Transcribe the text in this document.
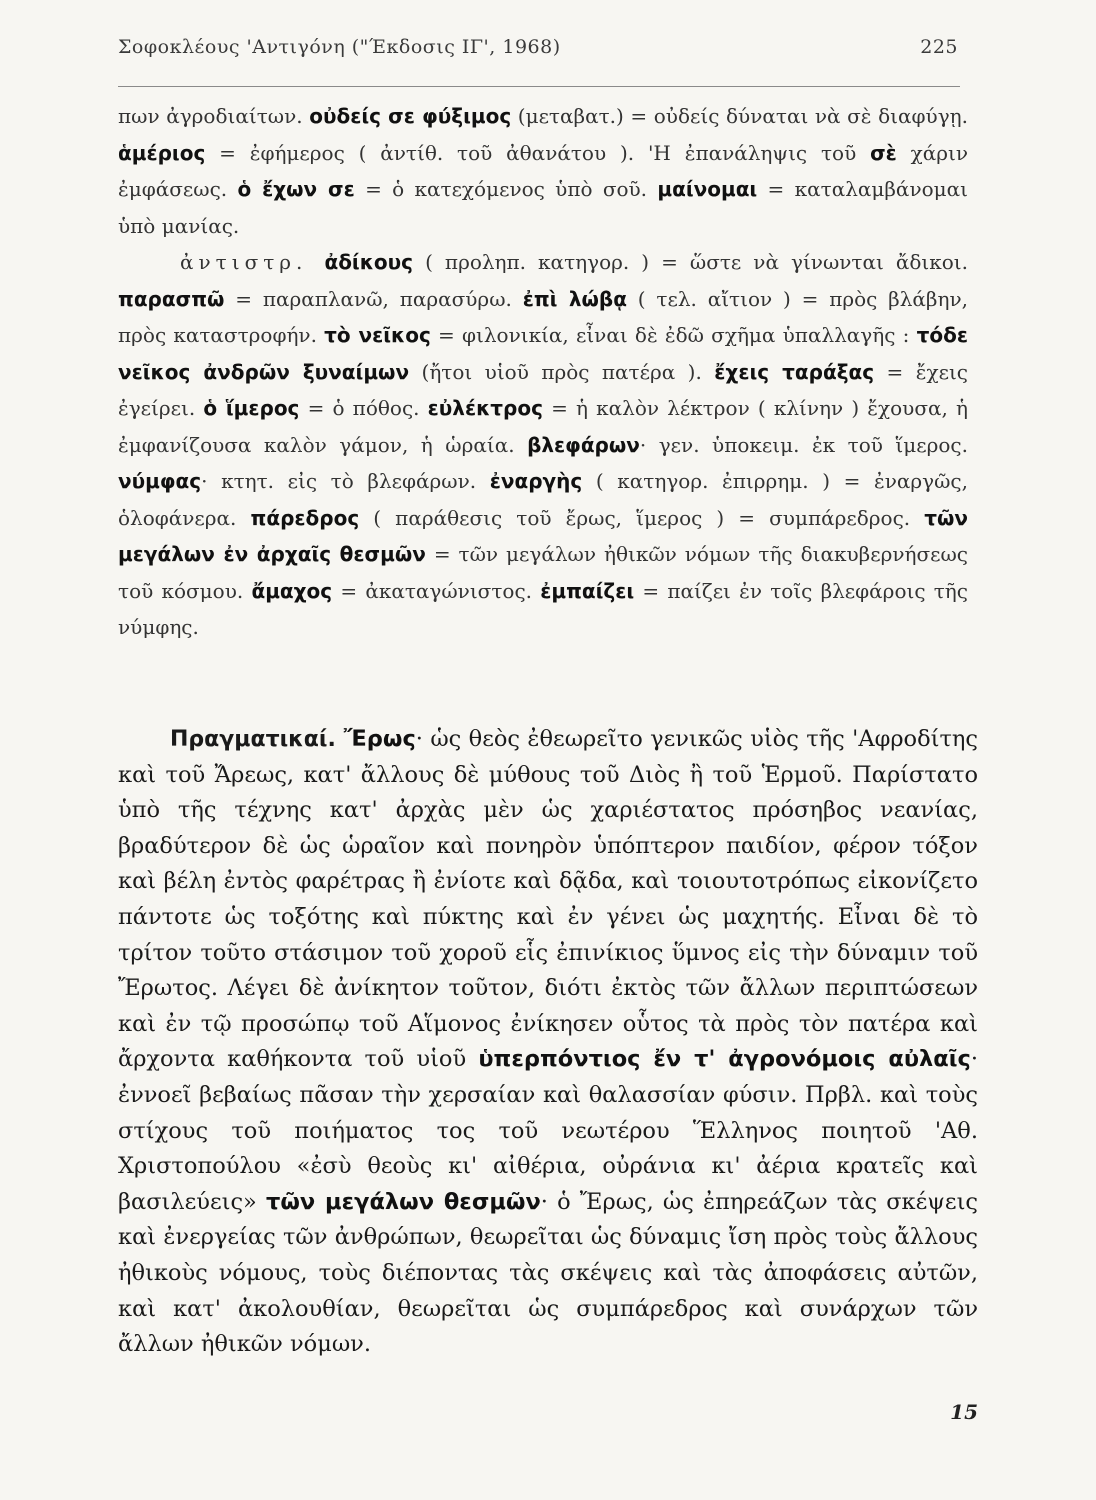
Σοφοκλέους 'Αντιγόνη ("Έκδοσις ΙΓ', 1968)	225

πων ἀγροδιαίτων. οὐδείς σε φύξιμος (μεταβατ.) = οὐδείς δύναται νὰ σὲ διαφύγῃ. ἁμέριος = ἐφήμερος ( ἀντίθ. τοῦ ἀθανάτου ). 'Η ἐπανάληψις τοῦ σὲ χάριν ἐμφάσεως. ὁ ἔχων σε = ὁ κατεχόμενος ὑπὸ σοῦ. μαίνομαι = καταλαμβάνομαι ὑπὸ μανίας.

ἀντιστρ. ἀδίκους ( προληπ. κατηγορ. ) = ὥστε νὰ γίνωνται ἄδικοι. παρασπῶ = παραπλανῶ, παρασύρω. ἐπὶ λώβᾳ ( τελ. αἴτιον ) = πρὸς βλάβην, πρὸς καταστροφήν. τὸ νεῖκος = φιλονικία, εἶναι δὲ ἐδῶ σχῆμα ὑπαλλαγῆς : τόδε νεῖκος ἀνδρῶν ξυναίμων (ἤτοι υἱοῦ πρὸς πατέρα ). ἔχεις ταράξας = ἔχεις ἐγείρει. ὁ ἵμερος = ὁ πόθος. εὐλέκτρος = ἡ καλὸν λέκτρον ( κλίνην ) ἔχουσα, ἡ ἐμφανίζουσα καλὸν γάμον, ἡ ὡραία. βλεφάρων· γεν. ὑποκειμ. ἐκ τοῦ ἵμερος. νύμφας· κτητ. εἰς τὸ βλεφάρων. ἐναργὴς ( κατηγορ. ἐπιρρημ. ) = ἐναργῶς, ὁλοφάνερα. πάρεδρος ( παράθεσις τοῦ ἔρως, ἵμερος ) = συμπάρεδρος. τῶν μεγάλων ἐν ἀρχαῖς θεσμῶν = τῶν μεγάλων ἠθικῶν νόμων τῆς διακυβερνήσεως τοῦ κόσμου. ἄμαχος = ἀκαταγώνιστος. ἐμπαίζει = παίζει ἐν τοῖς βλεφάροις τῆς νύμφης.

Πραγματικαί. Ἔρως· ὡς θεὸς ἐθεωρεῖτο γενικῶς υἱὸς τῆς 'Αφροδίτης καὶ τοῦ Ἄρεως, κατ' ἄλλους δὲ μύθους τοῦ Διὸς ἢ τοῦ Ἑρμοῦ. Παρίστατο ὑπὸ τῆς τέχνης κατ' ἀρχὰς μὲν ὡς χαριέστατος πρόσηβος νεανίας, βραδύτερον δὲ ὡς ὡραῖον καὶ πονηρὸν ὑπόπτερον παιδίον, φέρον τόξον καὶ βέλη ἐντὸς φαρέτρας ἢ ἐνίοτε καὶ δᾷδα, καὶ τοιουτοτρόπως εἰκονίζετο πάντοτε ὡς τοξότης καὶ πύκτης καὶ ἐν γένει ὡς μαχητής. Εἶναι δὲ τὸ τρίτον τοῦτο στάσιμον τοῦ χοροῦ εἷς ἐπινίκιος ὕμνος εἰς τὴν δύναμιν τοῦ Ἔρωτος. Λέγει δὲ ἀνίκητον τοῦτον, διότι ἐκτὸς τῶν ἄλλων περιπτώσεων καὶ ἐν τῷ προσώπῳ τοῦ Αἵμονος ἐνίκησεν οὗτος τὰ πρὸς τὸν πατέρα καὶ ἄρχοντα καθήκοντα τοῦ υἱοῦ ὑπερπόντιος ἔν τ' ἀγρονόμοις αὐλαῖς· ἐννοεῖ βεβαίως πᾶσαν τὴν χερσαίαν καὶ θαλασσίαν φύσιν. Πρβλ. καὶ τοὺς στίχους τοῦ ποιήματος τος τοῦ νεωτέρου Ἕλληνος ποιητοῦ 'Αθ. Χριστοπούλου «ἐσὺ θεοὺς κι' αἰθέρια, οὐράνια κι' ἀέρια κρατεῖς καὶ βασιλεύεις» τῶν μεγάλων θεσμῶν· ὁ Ἔρως, ὡς ἐπηρεάζων τὰς σκέψεις καὶ ἐνεργείας τῶν ἀνθρώπων, θεωρεῖται ὡς δύναμις ἴση πρὸς τοὺς ἄλλους ἠθικοὺς νόμους, τοὺς διέποντας τὰς σκέψεις καὶ τὰς ἀποφάσεις αὐτῶν, καὶ κατ' ἀκολουθίαν, θεωρεῖται ὡς συμπάρεδρος καὶ συνάρχων τῶν ἄλλων ἠθικῶν νόμων.

15
